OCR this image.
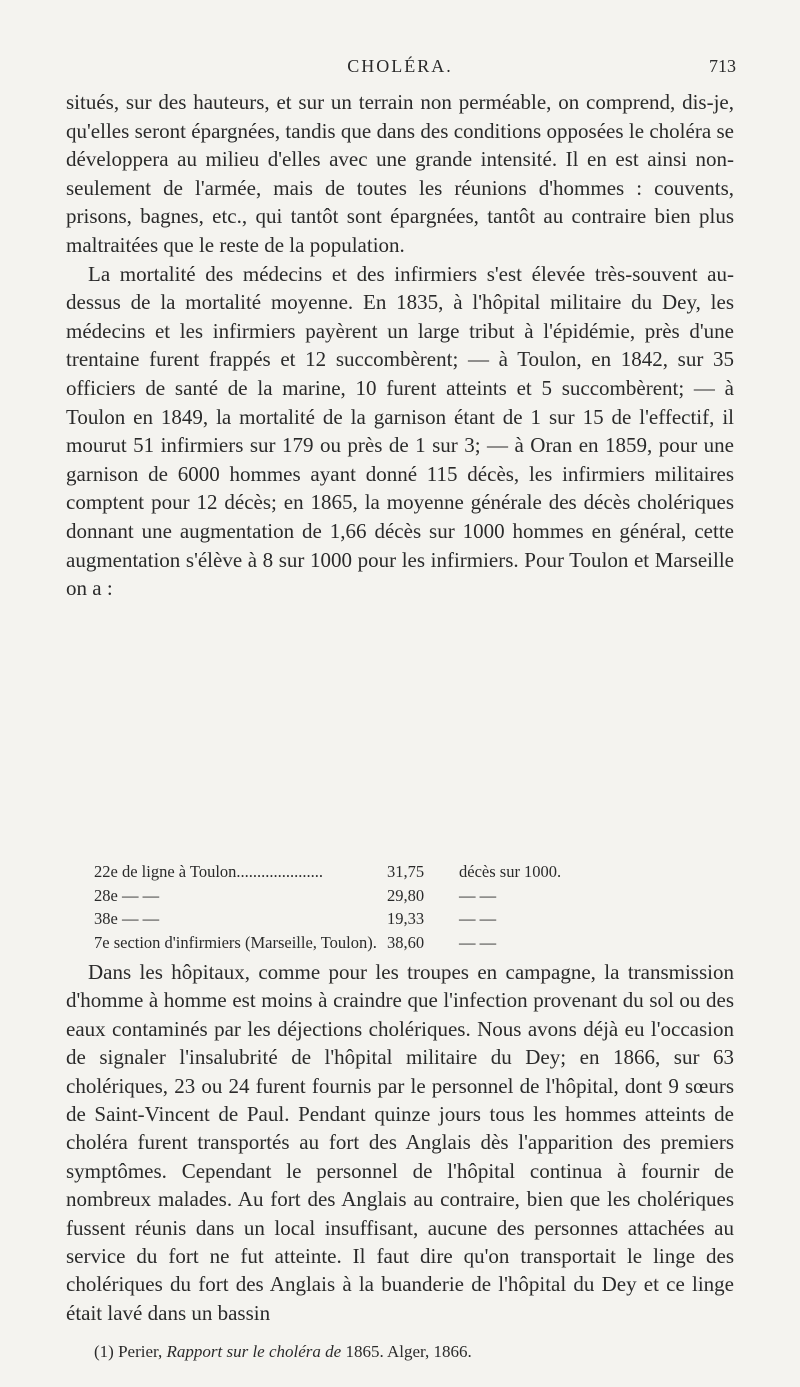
CHOLÉRA.	713

situés, sur des hauteurs, et sur un terrain non perméable, on comprend, dis-je, qu'elles seront épargnées, tandis que dans des conditions opposées le choléra se développera au milieu d'elles avec une grande intensité. Il en est ainsi non-seulement de l'armée, mais de toutes les réunions d'hommes : couvents, prisons, bagnes, etc., qui tantôt sont épargnées, tantôt au contraire bien plus maltraitées que le reste de la population.

La mortalité des médecins et des infirmiers s'est élevée très-souvent au-dessus de la mortalité moyenne. En 1835, à l'hôpital militaire du Dey, les médecins et les infirmiers payèrent un large tribut à l'épidémie, près d'une trentaine furent frappés et 12 succombèrent; — à Toulon, en 1842, sur 35 officiers de santé de la marine, 10 furent atteints et 5 succombèrent; — à Toulon en 1849, la mortalité de la garnison étant de 1 sur 15 de l'effectif, il mourut 51 infirmiers sur 179 ou près de 1 sur 3; — à Oran en 1859, pour une garnison de 6000 hommes ayant donné 115 décès, les infirmiers militaires comptent pour 12 décès; en 1865, la moyenne générale des décès cholériques donnant une augmentation de 1,66 décès sur 1000 hommes en général, cette augmentation s'élève à 8 sur 1000 pour les infirmiers. Pour Toulon et Marseille on a :

22e de ligne à Toulon.....................	31,75 décès sur 1000.
28e — —	29,80 — —
38e — —	19,33 — —
7e section d'infirmiers (Marseille, Toulon). 38,60 — —

Dans les hôpitaux, comme pour les troupes en campagne, la transmission d'homme à homme est moins à craindre que l'infection provenant du sol ou des eaux contaminés par les déjections cholériques. Nous avons déjà eu l'occasion de signaler l'insalubrité de l'hôpital militaire du Dey; en 1866, sur 63 cholériques, 23 ou 24 furent fournis par le personnel de l'hôpital, dont 9 sœurs de Saint-Vincent de Paul. Pendant quinze jours tous les hommes atteints de choléra furent transportés au fort des Anglais dès l'apparition des premiers symptômes. Cependant le personnel de l'hôpital continua à fournir de nombreux malades. Au fort des Anglais au contraire, bien que les cholériques fussent réunis dans un local insuffisant, aucune des personnes attachées au service du fort ne fut atteinte. Il faut dire qu'on transportait le linge des cholériques du fort des Anglais à la buanderie de l'hôpital du Dey et ce linge était lavé dans un bassin

(1) Perier, Rapport sur le choléra de 1865. Alger, 1866.
